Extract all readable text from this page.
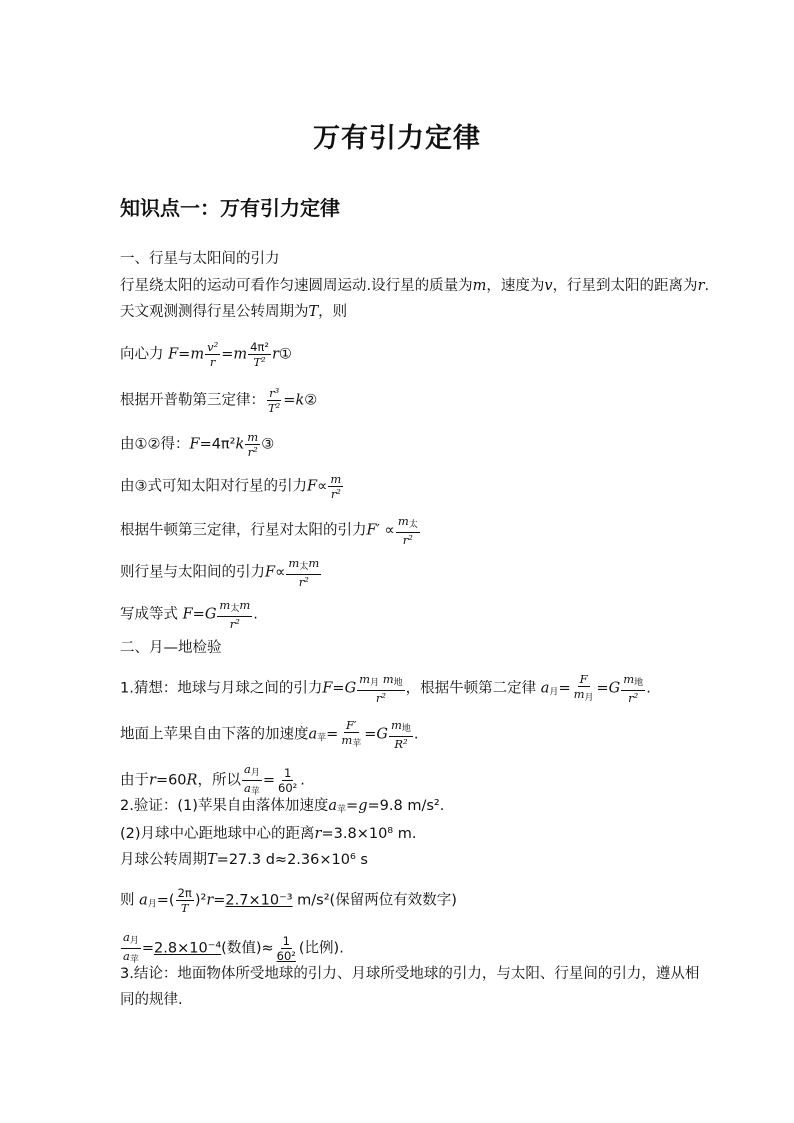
万有引力定律
知识点一：万有引力定律
一、行星与太阳间的引力
行星绕太阳的运动可看作匀速圆周运动.设行星的质量为m，速度为v，行星到太阳的距离为r.
天文观测测得行星公转周期为T，则
向心力 $F=m \frac{\text{v²}}{r} =m \frac{\text{4π²}}{\text{T²}}$ r①
根据开普勒第三定律： $\frac{\text{r³}}{\text{T²}}$ =k②
由①②得：$F=4\pi^2k \frac{m}{\text{r²}}$ ③
由③式可知太阳对行星的引力$F\propto \frac{m}{\text{r²}}$
根据牛顿第三定律，行星对太阳的引力$F' \propto \frac{m_太}{\text{r²}}$
则行星与太阳间的引力$F\propto \frac{m_太m}{\text{r²}}$
写成等式 $F=G \frac{m_太m}{\text{r²}}$ .
二、月—地检验
1.猜想：地球与月球之间的引力$F=G \frac{m_月 m_地}{\text{r²}}$ ，根据牛顿第二定律 $a_月= \frac{F}{m_月} =G \frac{m_地}{\text{r²}}$ .
地面上苹果自由下落的加速度$a_苹= \frac{F'}{m_苹} =G \frac{m_地}{\text{R²}}$ .
由于r=60R，所以 $\frac{a_月}{a_苹} = \frac{1}{\text{60²}}$ .
2.验证：(1)苹果自由落体加速度$a_苹=g=9.8$ m/s².
(2)月球中心距地球中心的距离r=3.8×10⁸ m.
月球公转周期T=27.3 d≈2.36×10⁶ s
则 $a_月=( \frac{2\pi}{T} )^2r=2.7\times 10^{-3}$ m/s²(保留两位有效数字)
$\frac{a_月}{a_苹} =2.8\times 10^{-4}$(数值)≈ $\frac{1}{\text{60²}}$ (比例).
3.结论：地面物体所受地球的引力、月球所受地球的引力，与太阳、行星间的引力，遵从相
同的规律.
